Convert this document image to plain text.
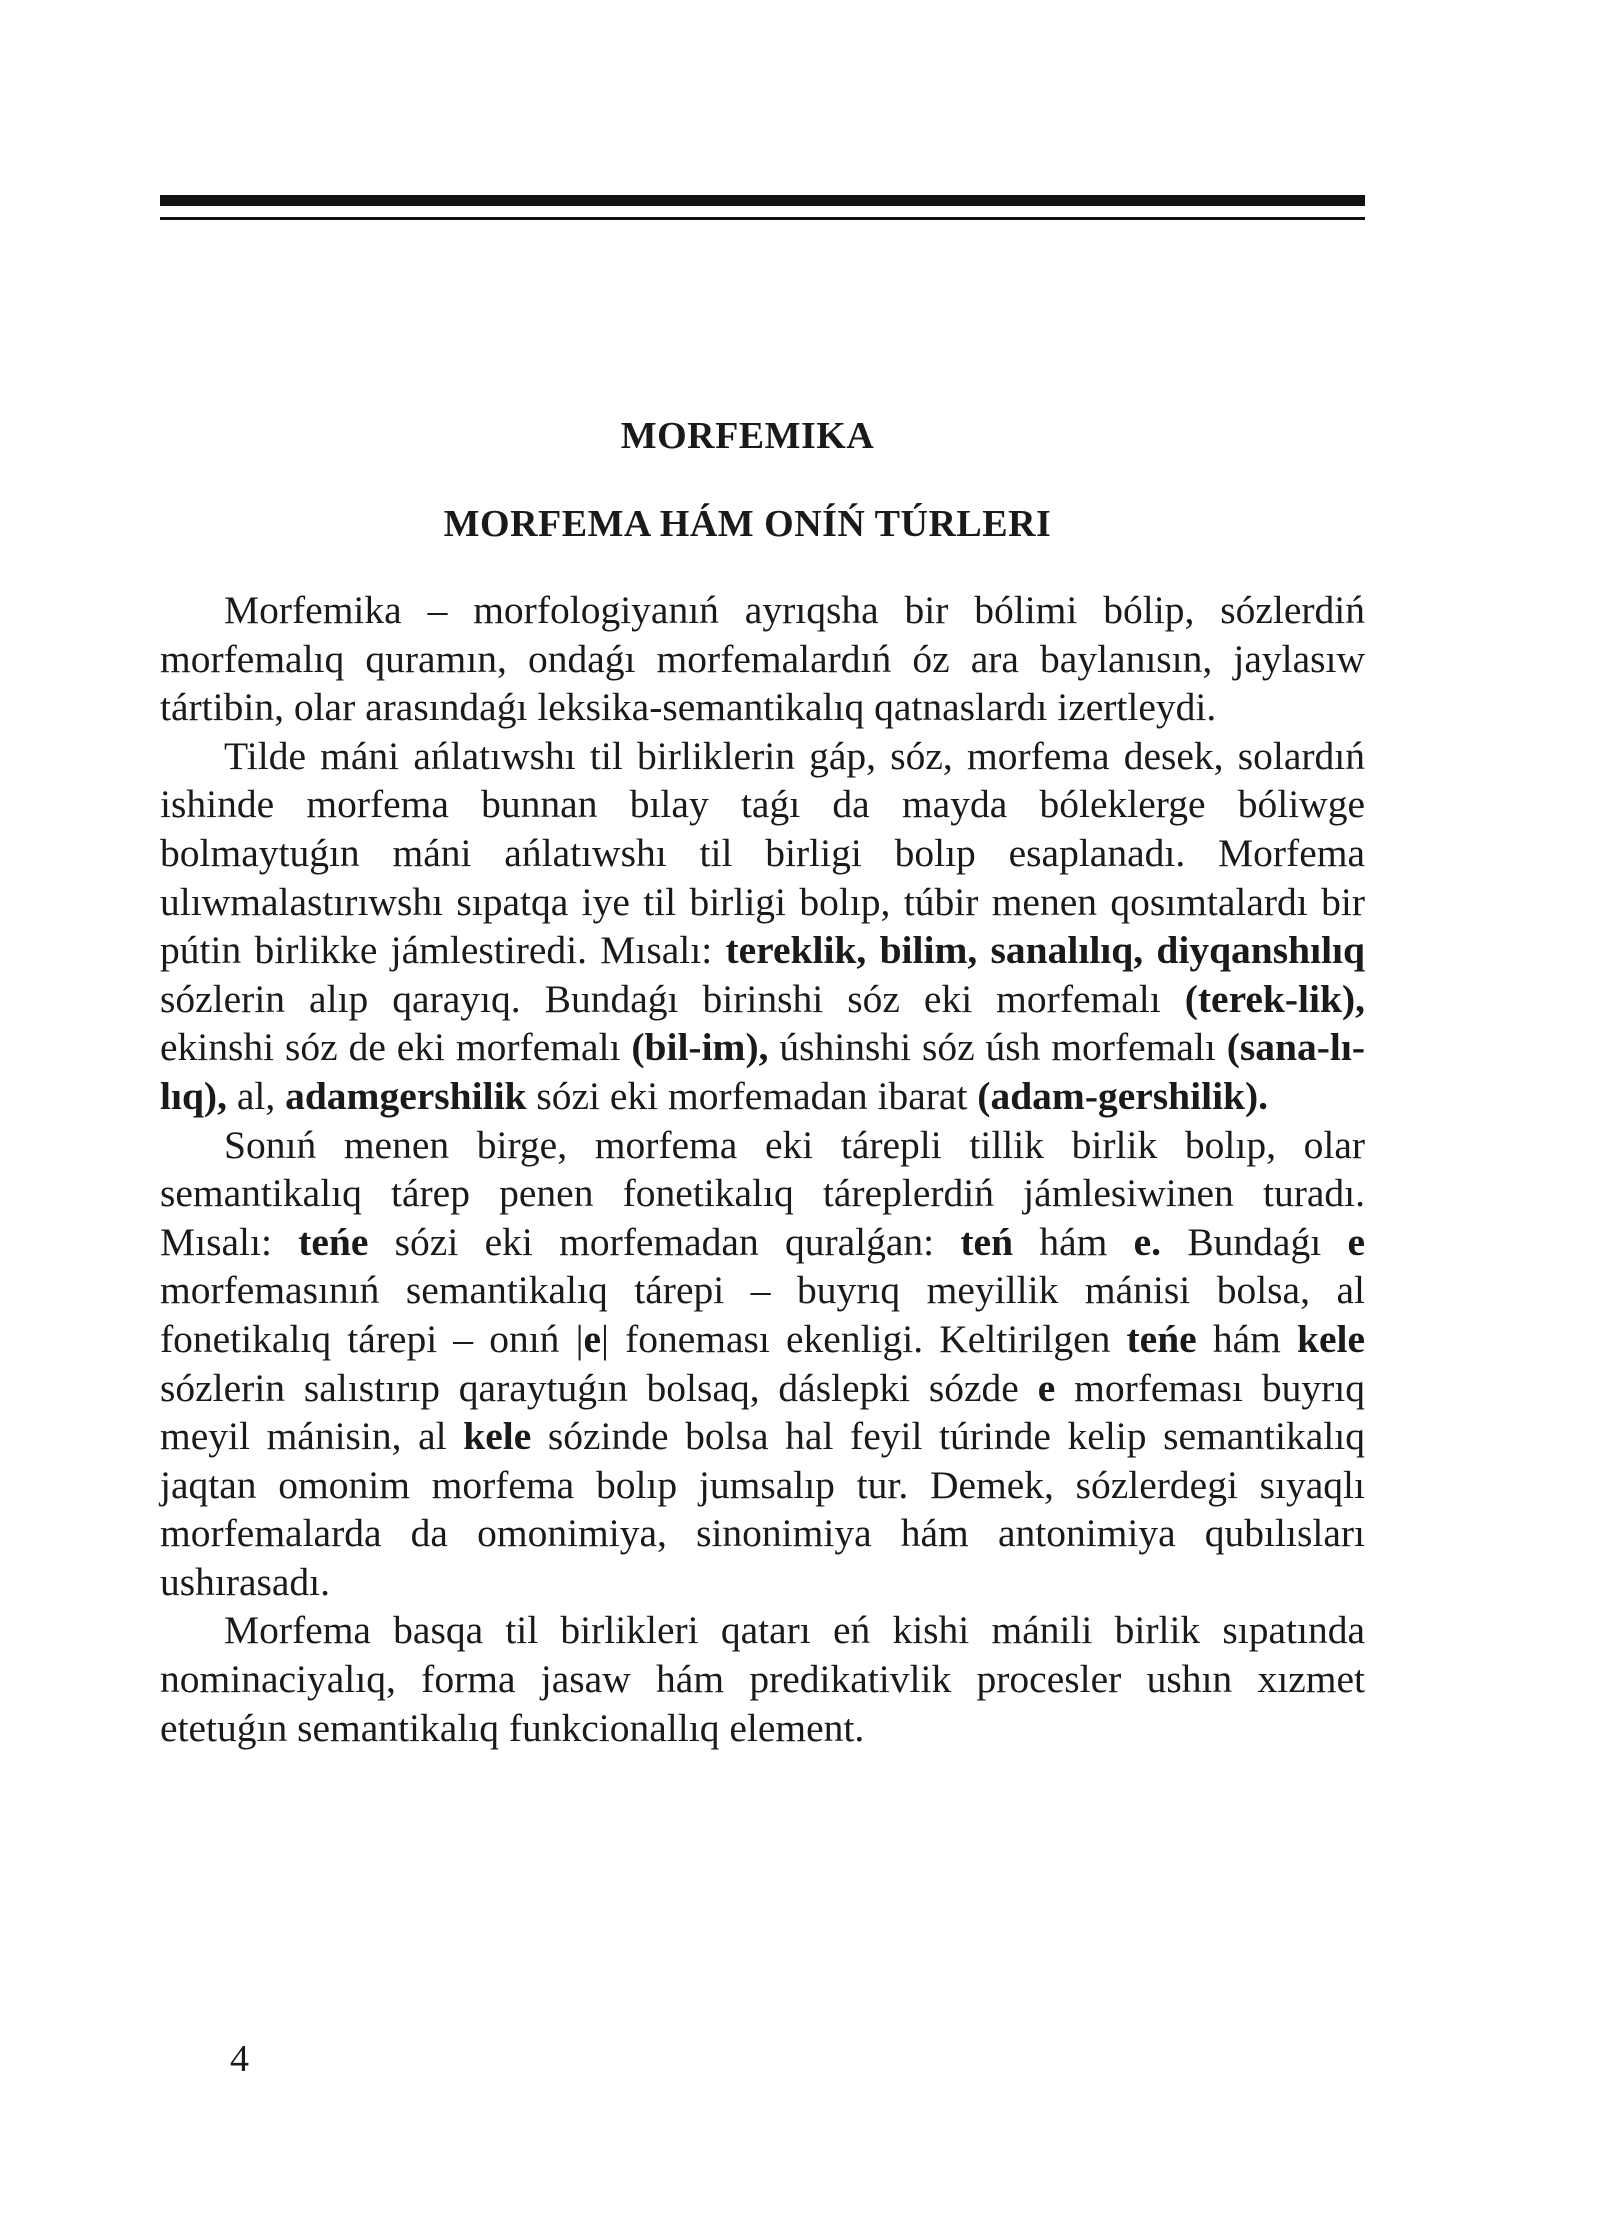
MORFEMIKA
MORFEMA HÁM ONÍŃ TÚRLERI

Morfemika – morfologiyanıń ayrıqsha bir bólimi bólip, sózlerdiń morfemalıq quramın, ondaǵı morfemalardıń óz ara baylanısın, jaylasıw tártibin, olar arasındaǵı leksika-semantikalıq qatnaslardı izertleydi.

Tilde máni ańlatıwshı til birliklerin gáp, sóz, morfema desek, solardıń ishinde morfema bunnan bılay taǵı da mayda bóleklerge bóliwge bolmaytuǵın máni ańlatıwshı til birligi bolıp esaplanadı. Morfema ulıwmalastırıwshı sıpatqa iye til birligi bolıp, túbir menen qosımtalardı bir pútin birlikke jámlestiredi. Mısalı: tereklik, bilim, sanalılıq, diyqanshılıq sózlerin alıp qarayıq. Bundaǵı birinshi sóz eki morfemalı (terek-lik), ekinshi sóz de eki morfemalı (bil-im), úshinshi sóz úsh morfemalı (sana-lı-lıq), al, adamgershilik sózi eki morfemadan ibarat (adam-gershilik).

Sonıń menen birge, morfema eki tárepli tillik birlik bolıp, olar semantikalıq tárep penen fonetikalıq táreplerdiń jámlesiwinen turadı. Mısalı: teńe sózi eki morfemadan quralǵan: teń hám e. Bundaǵı e morfemasınıń semantikalıq tárepi – buyrıq meyillik mánisi bolsa, al fonetikalıq tárepi – onıń |e| foneması ekenligi. Keltirilgen teńe hám kele sózlerin salıstırıp qaraytuǵın bolsaq, dáslepki sózde e morfeması buyrıq meyil mánisin, al kele sózinde bolsa hal feyil túrinde kelip semantikalıq jaqtan omonim morfema bolıp jumsalıp tur. Demek, sózlerdegi sıyaqlı morfemalarda da omonimiya, sinonimiya hám antonimiya qubılısları ushırasadı.

Morfema basqa til birlikleri qatarı eń kishi mánili birlik sıpatında nominaciyalıq, forma jasaw hám predikativlik procesler ushın xızmet etetuǵın semantikalıq funkcionallıq element.

4
